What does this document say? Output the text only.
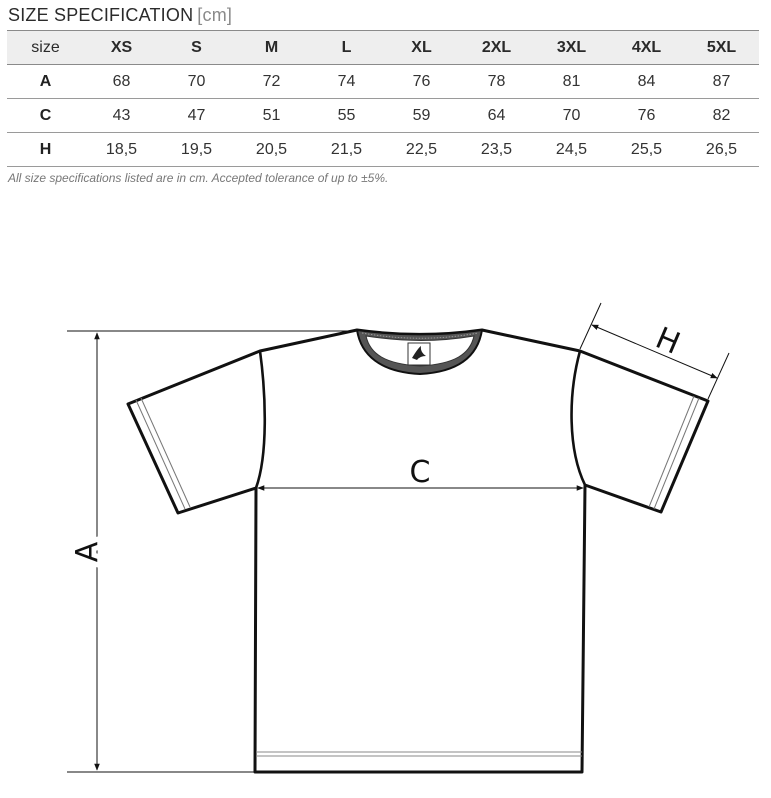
SIZE SPECIFICATION [cm]
size	XS	S	M	L	XL	2XL	3XL	4XL	5XL
A	68	70	72	74	76	78	81	84	87
C	43	47	51	55	59	64	70	76	82
H	18,5	19,5	20,5	21,5	22,5	23,5	24,5	25,5	26,5
All size specifications listed are in cm. Accepted tolerance of up to ±5%.
A
C
H
